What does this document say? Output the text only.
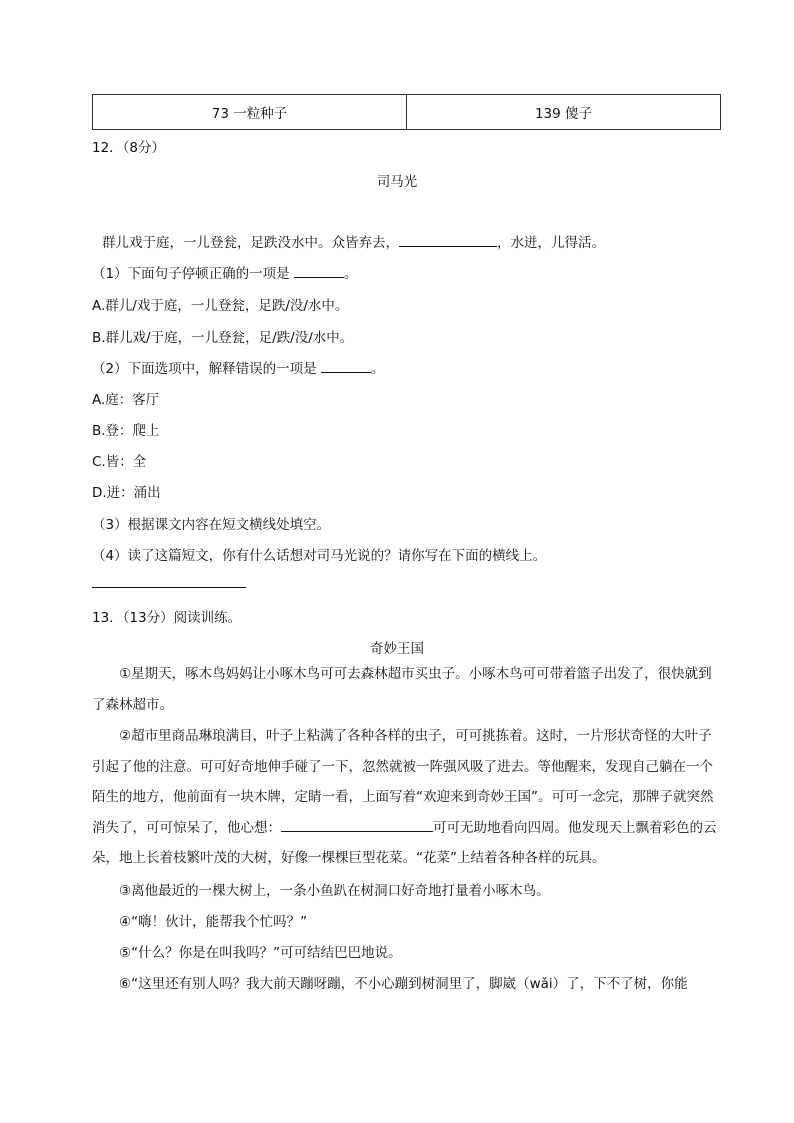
73 一粒种子	139 傻子
12．（8分）
司马光
群儿戏于庭，一儿登瓮，足跌没水中。众皆弃去，	，水迸，儿得活。
（1）下面句子停顿正确的一项是	。
A.群儿/戏于庭，一儿登瓮，足跌/没/水中。
B.群儿戏/于庭，一儿登瓮，足/跌/没/水中。
（2）下面选项中，解释错误的一项是	。
A.庭：客厅
B.登：爬上
C.皆：全
D.迸：涌出
（3）根据课文内容在短文横线处填空。
（4）读了这篇短文，你有什么话想对司马光说的？请你写在下面的横线上。
13．（13分）阅读训练。
奇妙王国
①星期天，啄木鸟妈妈让小啄木鸟可可去森林超市买虫子。小啄木鸟可可带着篮子出发了，很快就到了森林超市。
②超市里商品琳琅满目，叶子上粘满了各种各样的虫子，可可挑拣着。这时，一片形状奇怪的大叶子引起了他的注意。可可好奇地伸手碰了一下，忽然就被一阵强风吸了进去。等他醒来，发现自己躺在一个陌生的地方，他前面有一块木牌，定睛一看，上面写着“欢迎来到奇妙王国”。可可一念完，那牌子就突然消失了，可可惊呆了，他心想：	可可无助地看向四周。他发现天上飘着彩色的云朵，地上长着枝繁叶茂的大树，好像一棵棵巨型花菜。“花菜”上结着各种各样的玩具。
③离他最近的一棵大树上，一条小鱼趴在树洞口好奇地打量着小啄木鸟。
④“嗨！伙计，能帮我个忙吗？”
⑤“什么？你是在叫我吗？”可可结结巴巴地说。
⑥“这里还有别人吗？我大前天蹦呀蹦，不小心蹦到树洞里了，脚崴（wǎi）了，下不了树，你能
